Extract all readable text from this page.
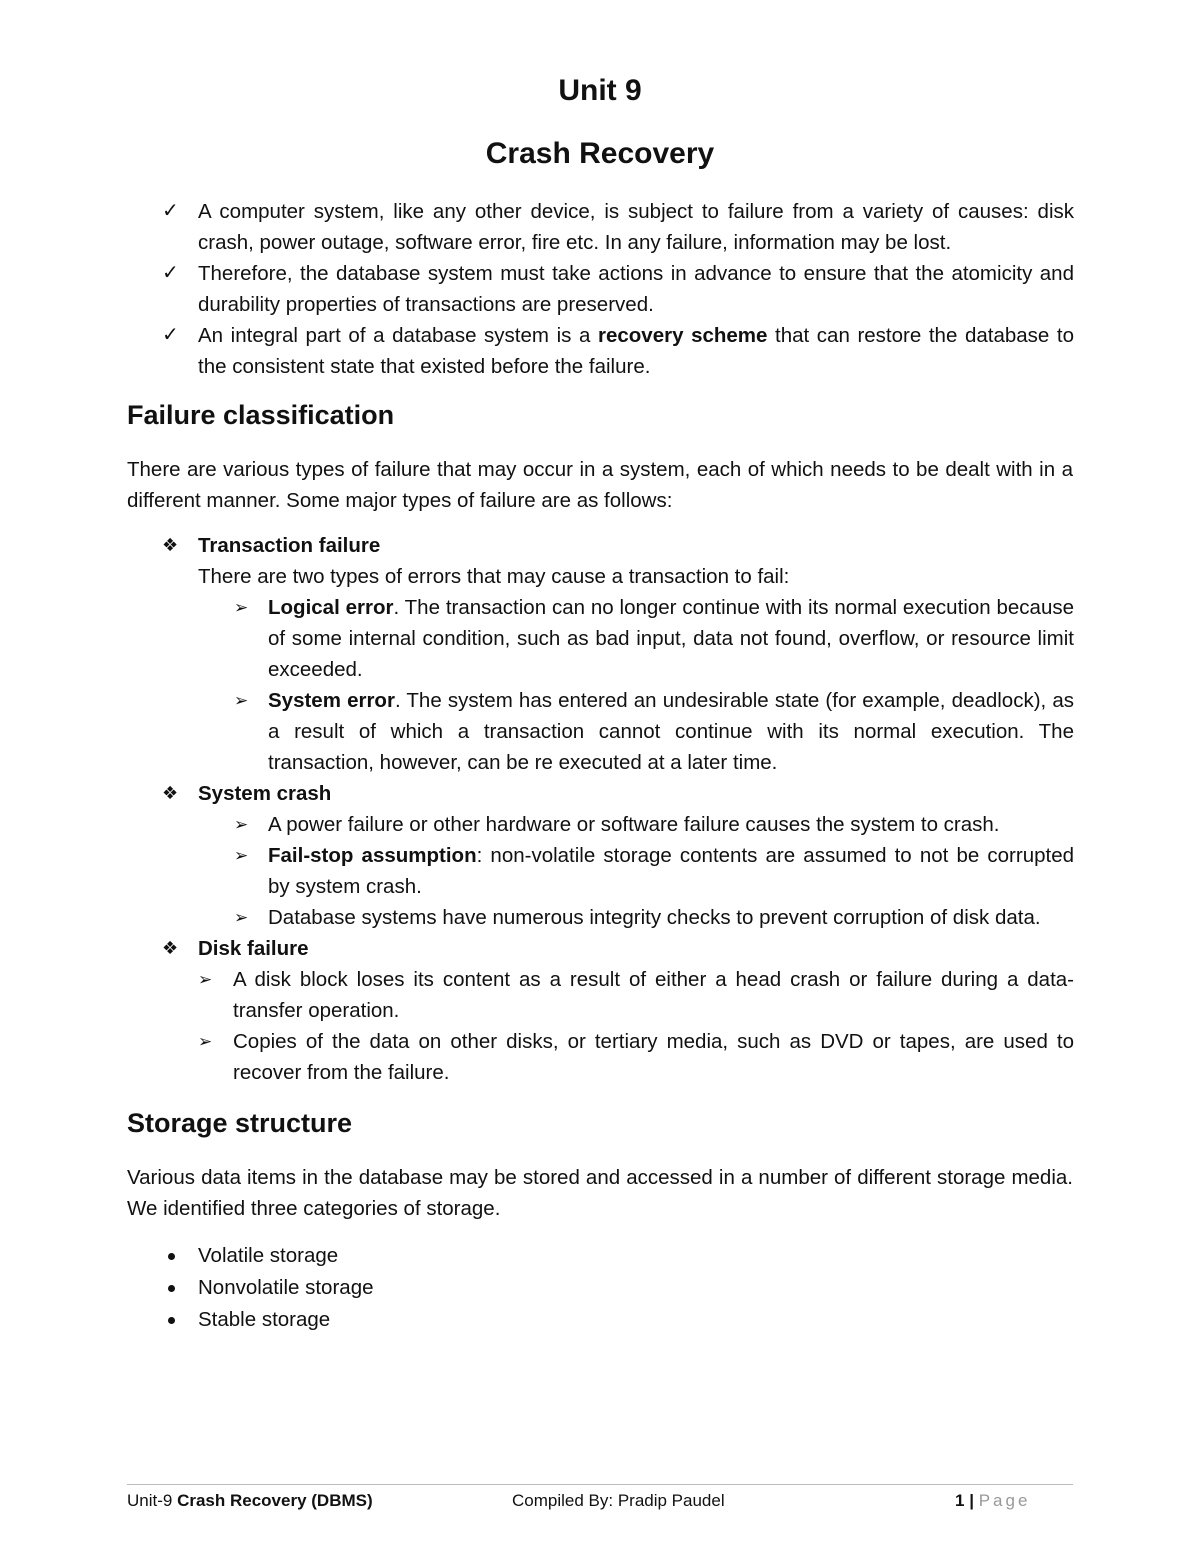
Unit 9
Crash Recovery
✓ A computer system, like any other device, is subject to failure from a variety of causes: disk crash, power outage, software error, fire etc. In any failure, information may be lost.
✓ Therefore, the database system must take actions in advance to ensure that the atomicity and durability properties of transactions are preserved.
✓ An integral part of a database system is a recovery scheme that can restore the database to the consistent state that existed before the failure.
Failure classification
There are various types of failure that may occur in a system, each of which needs to be dealt with in a different manner. Some major types of failure are as follows:
❖ Transaction failure
There are two types of errors that may cause a transaction to fail:
➢ Logical error. The transaction can no longer continue with its normal execution because of some internal condition, such as bad input, data not found, overflow, or resource limit exceeded.
➢ System error. The system has entered an undesirable state (for example, deadlock), as a result of which a transaction cannot continue with its normal execution. The transaction, however, can be re executed at a later time.
❖ System crash
➢ A power failure or other hardware or software failure causes the system to crash.
➢ Fail-stop assumption: non-volatile storage contents are assumed to not be corrupted by system crash.
➢ Database systems have numerous integrity checks to prevent corruption of disk data.
❖ Disk failure
➢ A disk block loses its content as a result of either a head crash or failure during a data-transfer operation.
➢ Copies of the data on other disks, or tertiary media, such as DVD or tapes, are used to recover from the failure.
Storage structure
Various data items in the database may be stored and accessed in a number of different storage media. We identified three categories of storage.
Volatile storage
Nonvolatile storage
Stable storage
Unit-9 Crash Recovery (DBMS)	Compiled By: Pradip Paudel	1 | Page
